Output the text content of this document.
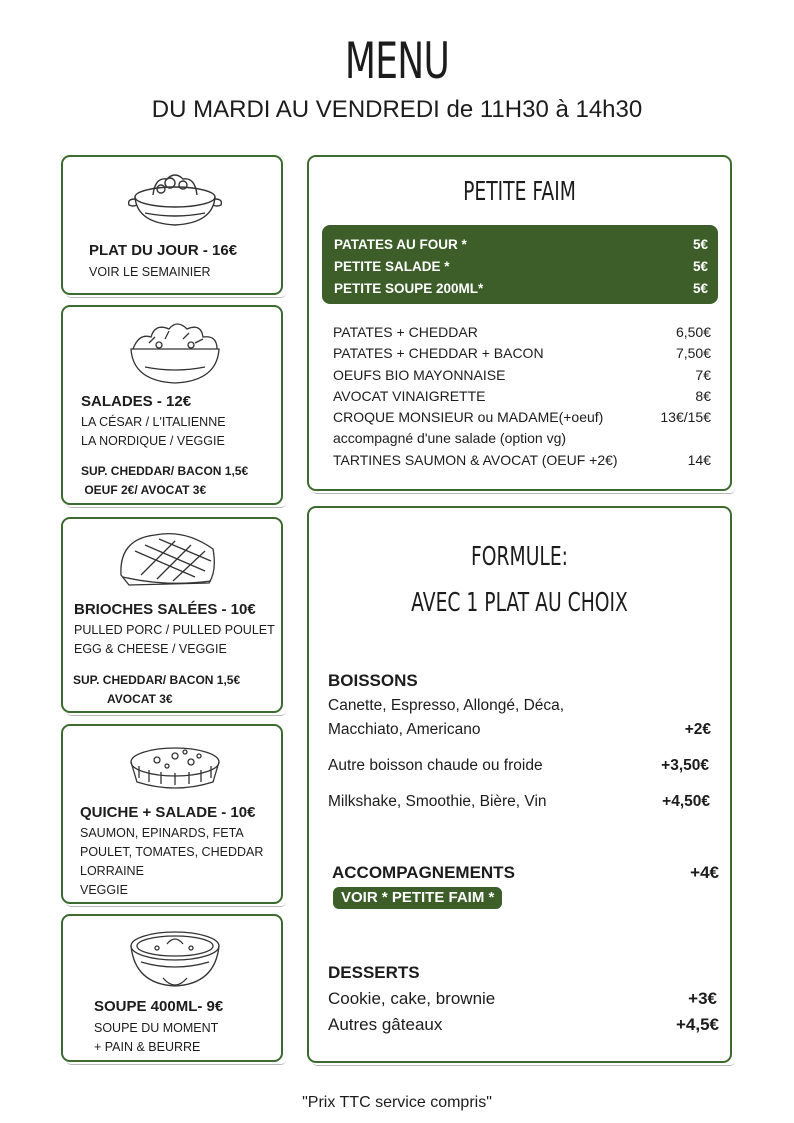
MENU
DU MARDI AU VENDREDI de 11H30 à 14h30
PLAT DU JOUR - 16€
VOIR LE SEMAINIER
SALADES - 12€
LA CÉSAR / L'ITALIENNE
LA NORDIQUE / VEGGIE
SUP. CHEDDAR/ BACON 1,5€
OEUF 2€/ AVOCAT 3€
BRIOCHES SALÉES - 10€
PULLED PORC / PULLED POULET
EGG & CHEESE / VEGGIE
SUP. CHEDDAR/ BACON 1,5€
AVOCAT 3€
QUICHE + SALADE - 10€
SAUMON, EPINARDS, FETA
POULET, TOMATES, CHEDDAR
LORRAINE
VEGGIE
SOUPE 400ML- 9€
SOUPE DU MOMENT
+ PAIN & BEURRE
PETITE FAIM
PATATES AU FOUR *	5€
PETITE SALADE *	5€
PETITE SOUPE 200ML*	5€
PATATES + CHEDDAR	6,50€
PATATES + CHEDDAR + BACON	7,50€
OEUFS BIO MAYONNAISE	7€
AVOCAT VINAIGRETTE	8€
CROQUE MONSIEUR ou MADAME(+oeuf)	13€/15€
accompagné d'une salade (option vg)
TARTINES SAUMON & AVOCAT (OEUF +2€)	14€
FORMULE:
AVEC 1 PLAT AU CHOIX
BOISSONS
Canette, Espresso, Allongé, Déca,
Macchiato, Americano	+2€
Autre boisson chaude ou froide	+3,50€
Milkshake, Smoothie, Bière, Vin	+4,50€
ACCOMPAGNEMENTS	+4€
VOIR * PETITE FAIM *
DESSERTS
Cookie, cake, brownie	+3€
Autres gâteaux	+4,5€
"Prix TTC service compris"
